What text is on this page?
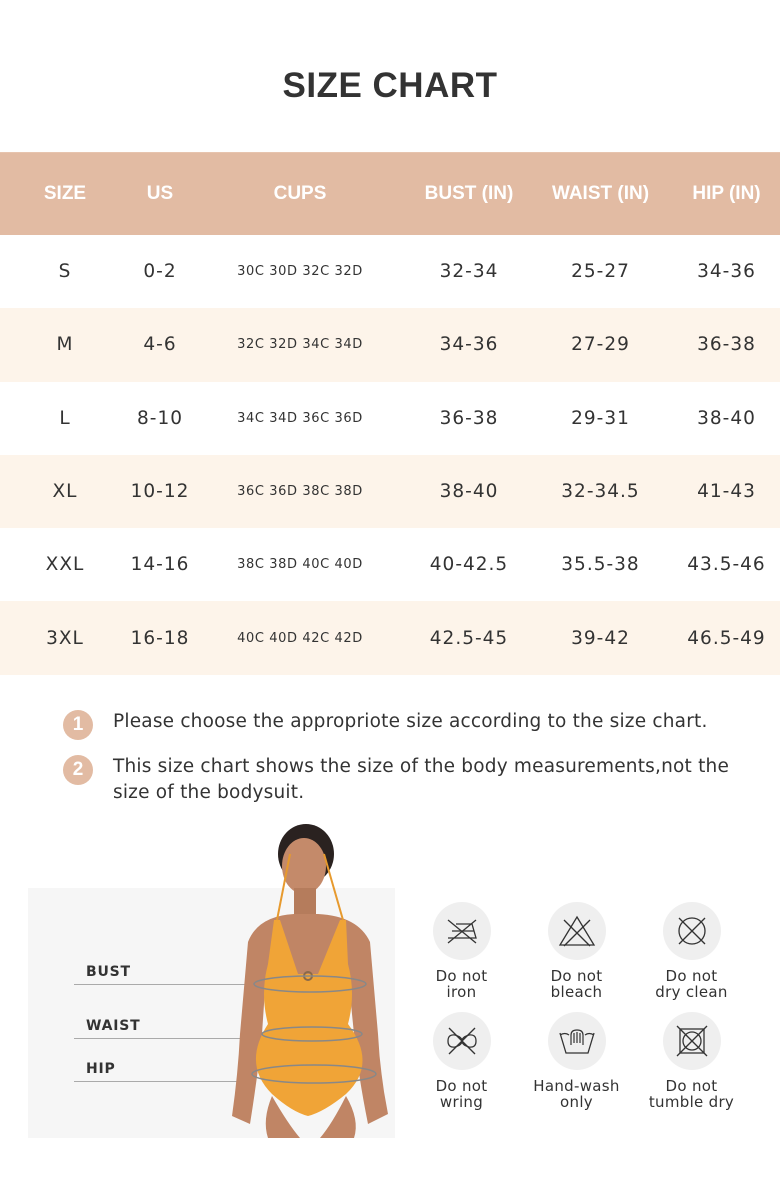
SIZE CHART
SIZE	US	CUPS	BUST (IN)	WAIST (IN)	HIP (IN)
S	0-2	30C 30D 32C 32D	32-34	25-27	34-36
M	4-6	32C 32D 34C 34D	34-36	27-29	36-38
L	8-10	34C 34D 36C 36D	36-38	29-31	38-40
XL	10-12	36C 36D 38C 38D	38-40	32-34.5	41-43
XXL	14-16	38C 38D 40C 40D	40-42.5	35.5-38	43.5-46
3XL	16-18	40C 40D 42C 42D	42.5-45	39-42	46.5-49
1	Please choose the appropriote size according to the size chart.
2	This size chart shows the size of the body measurements,not the size of the bodysuit.
BUST
WAIST
HIP
Do not
iron
Do not
bleach
Do not
dry clean
Do not
wring
Hand-wash
only
Do not
tumble dry
